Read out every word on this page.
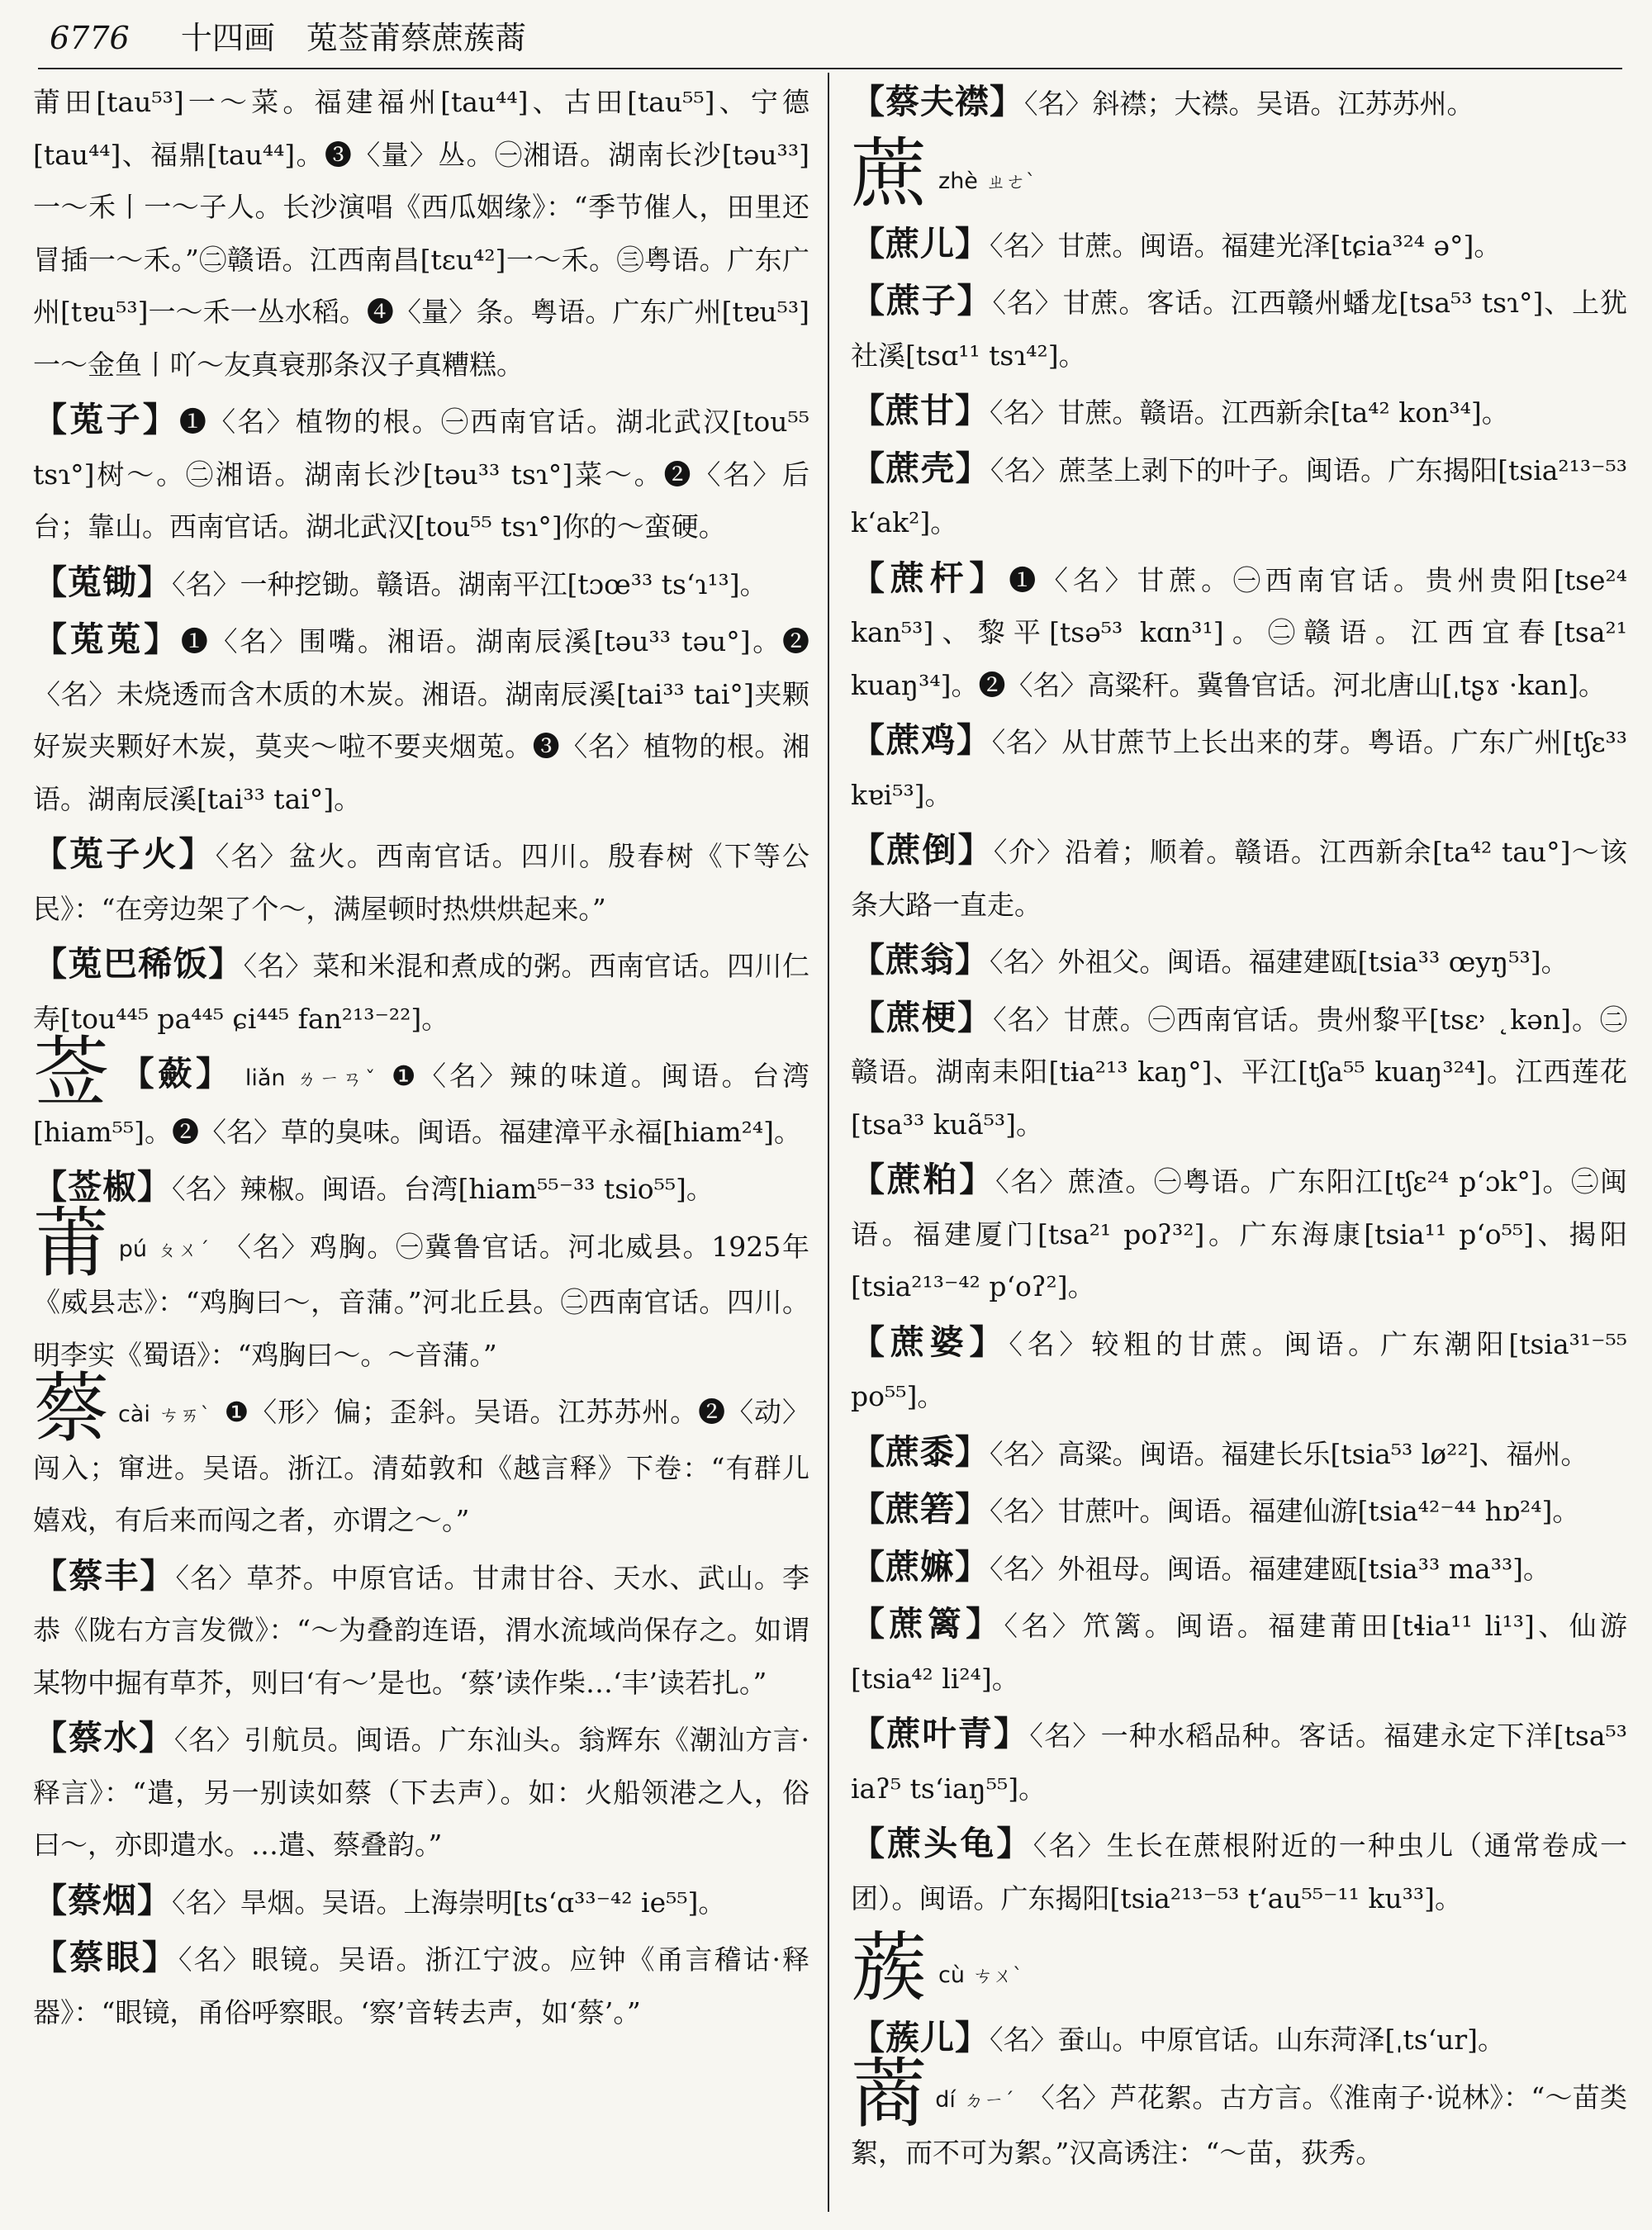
6776 十四画 莵莶莆蔡蔗蔟蔏

莆田[tau⁵³]一～菜。福建福州[tau⁴⁴]、古田[tau⁵⁵]、宁德[tau⁴⁴]、福鼎[tau⁴⁴]。❸〈量〉丛。㊀湘语。湖南长沙[təu³³]一～禾丨一～子人。长沙演唱《西瓜姻缘》：“季节催人，田里还冒插一～禾。”㊁赣语。江西南昌[tɛu⁴²]一～禾。㊂粤语。广东广州[tɐu⁵³]一～禾一丛水稻。❹〈量〉条。粤语。广东广州[tɐu⁵³]一～金鱼丨吖～友真衰那条汉子真糟糕。

【莵子】❶〈名〉植物的根。㊀西南官话。湖北武汉[tou⁵⁵ tsɿ°]树～。㊁湘语。湖南长沙[təu³³ tsɿ°]菜～。❷〈名〉后台；靠山。西南官话。湖北武汉[tou⁵⁵ tsɿ°]你的～蛮硬。

【莵锄】〈名〉一种挖锄。赣语。湖南平江[tɔœ³³ tsʻɿ¹³]。

【莵莵】❶〈名〉围嘴。湘语。湖南辰溪[təu³³ təu°]。❷〈名〉未烧透而含木质的木炭。湘语。湖南辰溪[tai³³ tai°]夹颗好炭夹颗好木炭，莫夹～啦不要夹烟莵。❸〈名〉植物的根。湘语。湖南辰溪[tai³³ tai°]。

【莵子火】〈名〉盆火。西南官话。四川。殷春树《下等公民》：“在旁边架了个～，满屋顿时热烘烘起来。”

【莵巴稀饭】〈名〉菜和米混和煮成的粥。西南官话。四川仁寿[tou⁴⁴⁵ pa⁴⁴⁵ ɕi⁴⁴⁵ fan²¹³⁻²²]。

莶 【蘞】 liǎn ㄌㄧㄢˇ ❶〈名〉辣的味道。闽语。台湾[hiam⁵⁵]。❷〈名〉草的臭味。闽语。福建漳平永福[hiam²⁴]。

【莶椒】〈名〉辣椒。闽语。台湾[hiam⁵⁵⁻³³ tsio⁵⁵]。

莆pú ㄆㄨˊ 〈名〉鸡胸。㊀冀鲁官话。河北威县。1925年《威县志》：“鸡胸曰～，音蒲。”河北丘县。㊁西南官话。四川。明李实《蜀语》：“鸡胸曰～。～音蒲。”

蔡cài ㄘㄞˋ ❶〈形〉偏；歪斜。吴语。江苏苏州。❷〈动〉闯入；窜进。吴语。浙江。清茹敦和《越言释》下卷：“有群儿嬉戏，有后来而闯之者，亦谓之～。”

【蔡丰】〈名〉草芥。中原官话。甘肃甘谷、天水、武山。李恭《陇右方言发微》：“～为叠韵连语，渭水流域尚保存之。如谓某物中掘有草芥，则曰‘有～’是也。‘蔡’读作柴…‘丰’读若扎。”

【蔡水】〈名〉引航员。闽语。广东汕头。翁辉东《潮汕方言·释言》：“遣，另一别读如蔡（下去声）。如：火船领港之人，俗曰～，亦即遣水。…遣、蔡叠韵。”

【蔡烟】〈名〉旱烟。吴语。上海崇明[tsʻɑ³³⁻⁴² ie⁵⁵]。

【蔡眼】〈名〉眼镜。吴语。浙江宁波。应钟《甬言稽诂·释器》：“眼镜，甬俗呼察眼。‘察’音转去声，如‘蔡’。”

【蔡夫襟】〈名〉斜襟；大襟。吴语。江苏苏州。

蔗zhè ㄓㄜˋ

【蔗儿】〈名〉甘蔗。闽语。福建光泽[tɕia³²⁴ ə°]。

【蔗子】〈名〉甘蔗。客话。江西赣州蟠龙[tsa⁵³ tsɿ°]、上犹社溪[tsɑ¹¹ tsɿ⁴²]。

【蔗甘】〈名〉甘蔗。赣语。江西新余[ta⁴² kon³⁴]。

【蔗壳】〈名〉蔗茎上剥下的叶子。闽语。广东揭阳[tsia²¹³⁻⁵³ kʻak²]。

【蔗杆】❶〈名〉甘蔗。㊀西南官话。贵州贵阳[tse²⁴ kan⁵³]、黎平[tsə⁵³ kɑn³¹]。㊁赣语。江西宜春[tsa²¹ kuaŋ³⁴]。❷〈名〉高粱秆。冀鲁官话。河北唐山[ˌtʂɤ ·kan]。

【蔗鸡】〈名〉从甘蔗节上长出来的芽。粤语。广东广州[tʃɛ³³ kɐi⁵³]。

【蔗倒】〈介〉沿着；顺着。赣语。江西新余[ta⁴² tau°]～该条大路一直走。

【蔗翁】〈名〉外祖父。闽语。福建建瓯[tsia³³ œyŋ⁵³]。

【蔗梗】〈名〉甘蔗。㊀西南官话。贵州黎平[tsɛ˒ ˛kən]。㊁赣语。湖南耒阳[tɨa²¹³ kaŋ°]、平江[tʃa⁵⁵ kuaŋ³²⁴]。江西莲花[tsa³³ kuã⁵³]。

【蔗粕】〈名〉蔗渣。㊀粤语。广东阳江[tʃɛ²⁴ pʻɔk°]。㊁闽语。福建厦门[tsa²¹ poʔ³²]。广东海康[tsia¹¹ pʻo⁵⁵]、揭阳[tsia²¹³⁻⁴² pʻoʔ²]。

【蔗婆】〈名〉较粗的甘蔗。闽语。广东潮阳[tsia³¹⁻⁵⁵ po⁵⁵]。

【蔗黍】〈名〉高粱。闽语。福建长乐[tsia⁵³ lø²²]、福州。

【蔗箬】〈名〉甘蔗叶。闽语。福建仙游[tsia⁴²⁻⁴⁴ hɒ²⁴]。

【蔗嫲】〈名〉外祖母。闽语。福建建瓯[tsia³³ ma³³]。

【蔗篱】〈名〉笊篱。闽语。福建莆田[tɬia¹¹ li¹³]、仙游[tsia⁴² li²⁴]。

【蔗叶青】〈名〉一种水稻品种。客话。福建永定下洋[tsa⁵³ iaʔ⁵ tsʻiaŋ⁵⁵]。

【蔗头龟】〈名〉生长在蔗根附近的一种虫儿（通常卷成一团）。闽语。广东揭阳[tsia²¹³⁻⁵³ tʻau⁵⁵⁻¹¹ ku³³]。

蔟cù ㄘㄨˋ

【蔟儿】〈名〉蚕山。中原官话。山东菏泽[ˌtsʻur]。

蔏dí ㄉㄧˊ 〈名〉芦花絮。古方言。《淮南子·说林》：“～苗类絮，而不可为絮。”汉高诱注：“～苗，荻秀。
